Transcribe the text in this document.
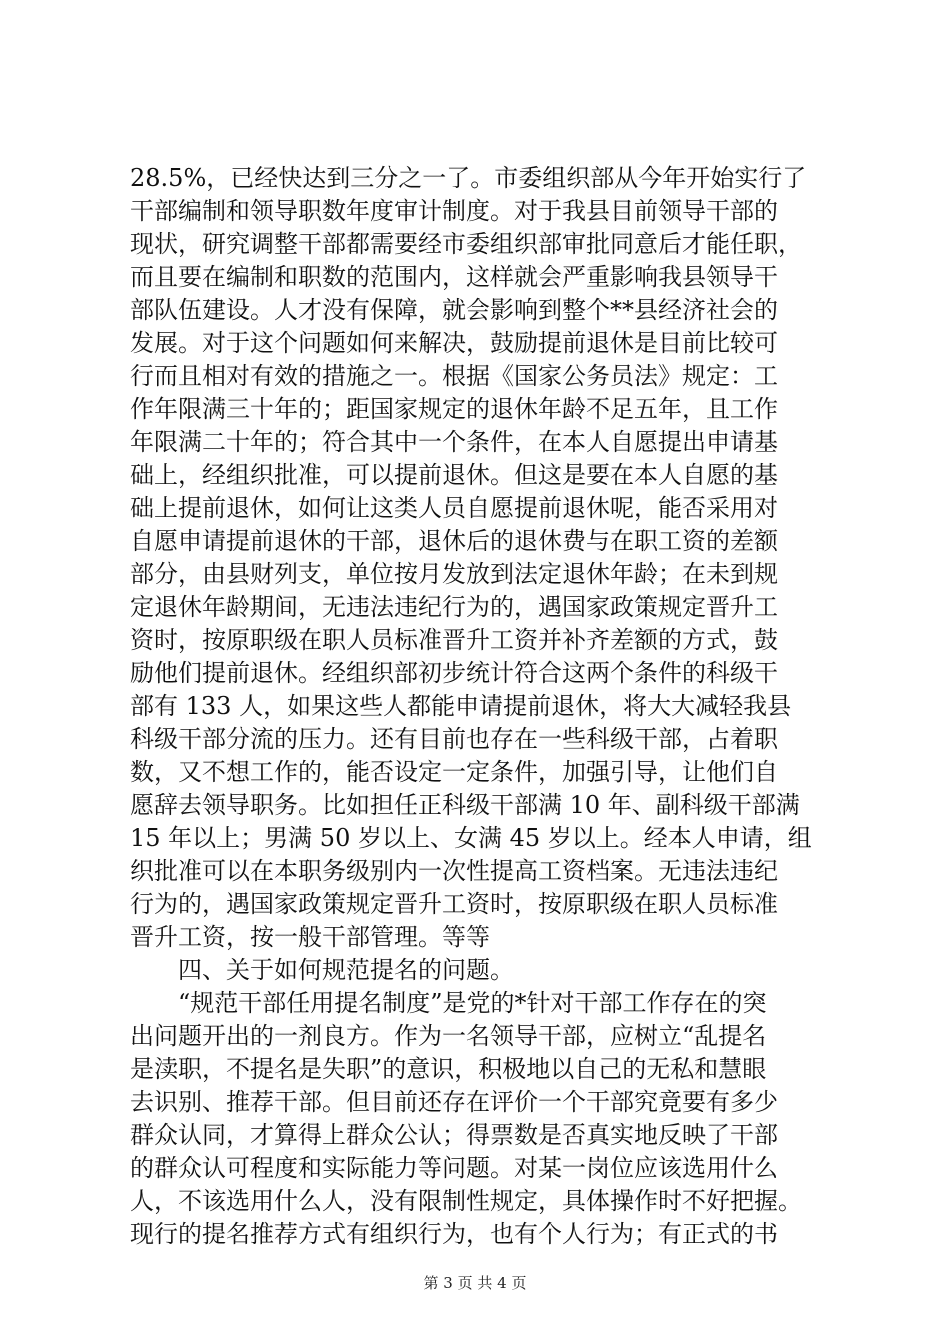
28.5%，已经快达到三分之一了。市委组织部从今年开始实行了
干部编制和领导职数年度审计制度。对于我县目前领导干部的
现状，研究调整干部都需要经市委组织部审批同意后才能任职，
而且要在编制和职数的范围内，这样就会严重影响我县领导干
部队伍建设。人才没有保障，就会影响到整个**县经济社会的
发展。对于这个问题如何来解决，鼓励提前退休是目前比较可
行而且相对有效的措施之一。根据《国家公务员法》规定：工
作年限满三十年的；距国家规定的退休年龄不足五年，且工作
年限满二十年的；符合其中一个条件，在本人自愿提出申请基
础上，经组织批准，可以提前退休。但这是要在本人自愿的基
础上提前退休，如何让这类人员自愿提前退休呢，能否采用对
自愿申请提前退休的干部，退休后的退休费与在职工资的差额
部分，由县财列支，单位按月发放到法定退休年龄；在未到规
定退休年龄期间，无违法违纪行为的，遇国家政策规定晋升工
资时，按原职级在职人员标准晋升工资并补齐差额的方式，鼓
励他们提前退休。经组织部初步统计符合这两个条件的科级干
部有 133 人，如果这些人都能申请提前退休，将大大减轻我县
科级干部分流的压力。还有目前也存在一些科级干部，占着职
数，又不想工作的，能否设定一定条件，加强引导，让他们自
愿辞去领导职务。比如担任正科级干部满 10 年、副科级干部满
15 年以上；男满 50 岁以上、女满 45 岁以上。经本人申请，组
织批准可以在本职务级别内一次性提高工资档案。无违法违纪
行为的，遇国家政策规定晋升工资时，按原职级在职人员标准
晋升工资，按一般干部管理。等等
四、关于如何规范提名的问题。
“规范干部任用提名制度”是党的*针对干部工作存在的突
出问题开出的一剂良方。作为一名领导干部，应树立“乱提名
是渎职，不提名是失职”的意识，积极地以自己的无私和慧眼
去识别、推荐干部。但目前还存在评价一个干部究竟要有多少
群众认同，才算得上群众公认；得票数是否真实地反映了干部
的群众认可程度和实际能力等问题。对某一岗位应该选用什么
人，不该选用什么人，没有限制性规定，具体操作时不好把握。
现行的提名推荐方式有组织行为，也有个人行为；有正式的书
第 3 页 共 4 页
